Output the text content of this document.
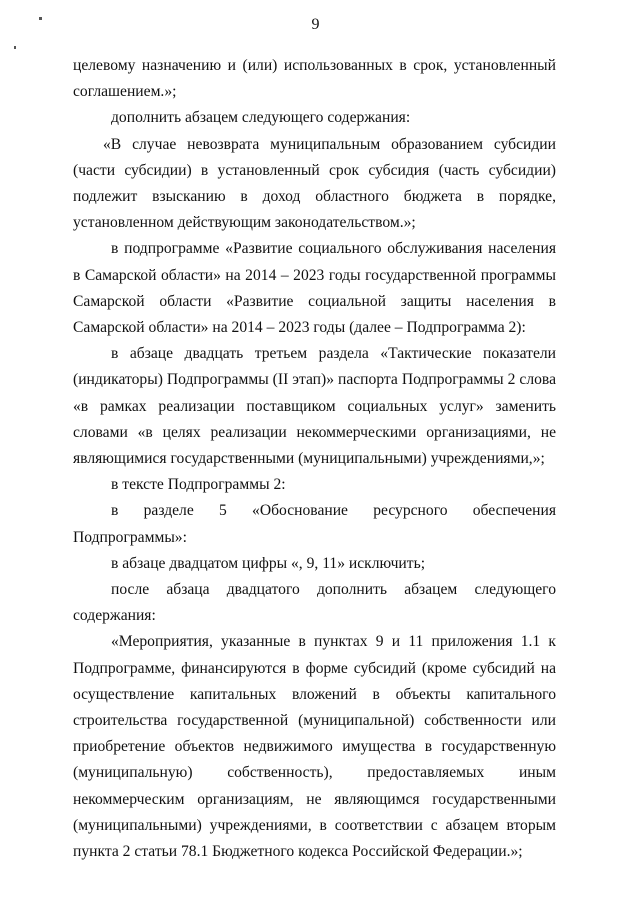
9

целевому назначению и (или) использованных в срок, установленный соглашением.»;

дополнить абзацем следующего содержания:

«В случае невозврата муниципальным образованием субсидии (части субсидии) в установленный срок субсидия (часть субсидии) подлежит взысканию в доход областного бюджета в порядке, установленном действующим законодательством.»;

в подпрограмме «Развитие социального обслуживания населения в Самарской области» на 2014 – 2023 годы государственной программы Самарской области «Развитие социальной защиты населения в Самарской области» на 2014 – 2023 годы (далее – Подпрограмма 2):

в абзаце двадцать третьем раздела «Тактические показатели (индикаторы) Подпрограммы (II этап)» паспорта Подпрограммы 2 слова «в рамках реализации поставщиком социальных услуг» заменить словами «в целях реализации некоммерческими организациями, не являющимися государственными (муниципальными) учреждениями,»;

в тексте Подпрограммы 2:

в разделе 5 «Обоснование ресурсного обеспечения Подпрограммы»:

в абзаце двадцатом цифры «, 9, 11» исключить;

после абзаца двадцатого дополнить абзацем следующего содержания:

«Мероприятия, указанные в пунктах 9 и 11 приложения 1.1 к Подпрограмме, финансируются в форме субсидий (кроме субсидий на осуществление капитальных вложений в объекты капитального строительства государственной (муниципальной) собственности или приобретение объектов недвижимого имущества в государственную (муниципальную) собственность), предоставляемых иным некоммерческим организациям, не являющимся государственными (муниципальными) учреждениями, в соответствии с абзацем вторым пункта 2 статьи 78.1 Бюджетного кодекса Российской Федерации.»;
